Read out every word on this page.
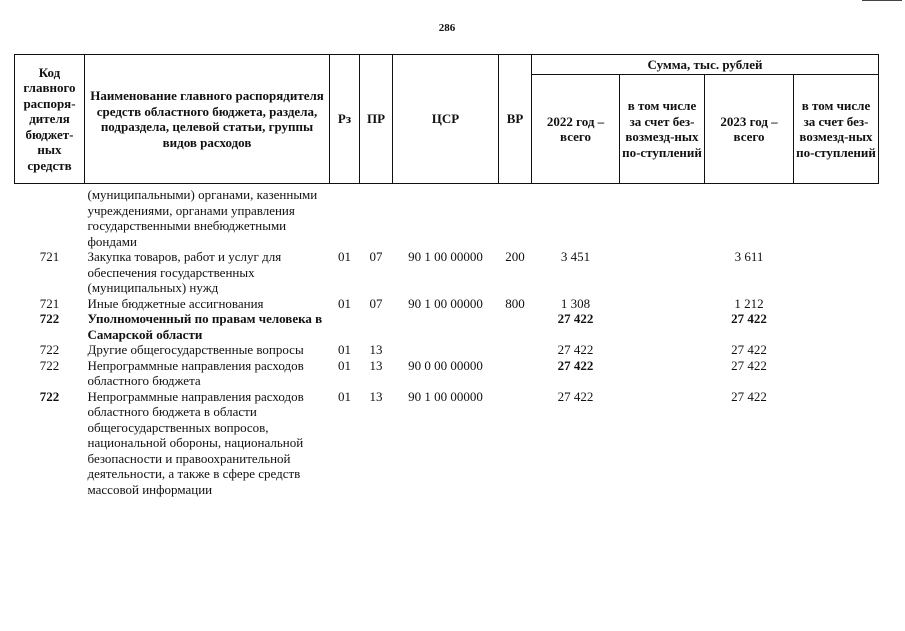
286
Код главного распоря-дителя бюджет-ных средств	Наименование главного распорядителя средств областного бюджета, раздела, подраздела, целевой статьи, группы видов расходов	Рз	ПР	ЦСР	ВР	Сумма, тыс. рублей			
						2022 год – всего	в том числе за счет без-возмезд-ных по-ступлений	2023 год – всего	в том числе за счет без-возмезд-ных по-ступлений
	(муниципальными) органами, казенными учреждениями, органами управления государственными внебюджетными фондами								
721	Закупка товаров, работ и услуг для обеспечения государственных (муниципальных) нужд	01	07	90 1 00 00000	200	3 451		3 611	
721	Иные бюджетные ассигнования	01	07	90 1 00 00000	800	1 308		1 212	
722	Уполномоченный по правам человека в Самарской области					27 422		27 422	
722	Другие общегосударственные вопросы	01	13			27 422		27 422	
722	Непрограммные направления расходов областного бюджета	01	13	90 0 00 00000		27 422		27 422	
722	Непрограммные направления расходов областного бюджета в области общегосударственных вопросов, национальной обороны, национальной безопасности и правоохранительной деятельности, а также в сфере средств массовой информации	01	13	90 1 00 00000		27 422		27 422	
